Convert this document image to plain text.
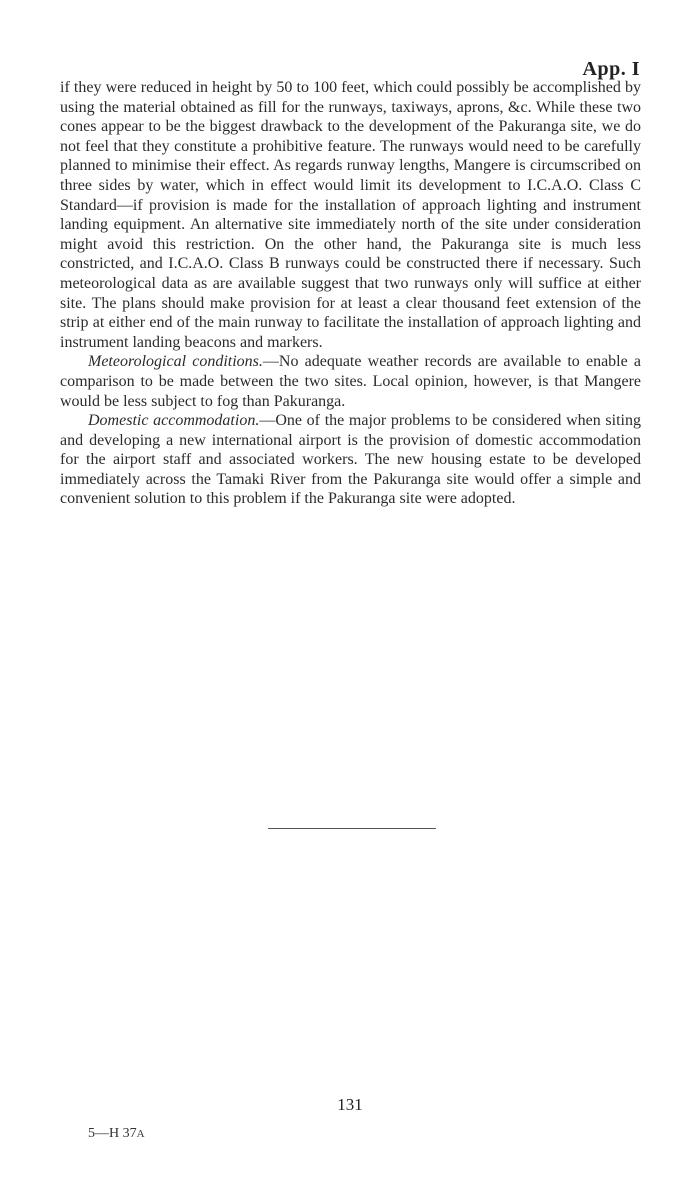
App. I

if they were reduced in height by 50 to 100 feet, which could possibly be accomplished by using the material obtained as fill for the runways, taxiways, aprons, &c. While these two cones appear to be the biggest drawback to the development of the Pakuranga site, we do not feel that they constitute a prohibitive feature. The runways would need to be carefully planned to minimise their effect. As regards runway lengths, Mangere is circumscribed on three sides by water, which in effect would limit its development to I.C.A.O. Class C Standard—if provision is made for the installation of approach lighting and instrument landing equipment. An alternative site immediately north of the site under consideration might avoid this restriction. On the other hand, the Pakuranga site is much less constricted, and I.C.A.O. Class B runways could be constructed there if necessary. Such meteorological data as are available suggest that two runways only will suffice at either site. The plans should make provision for at least a clear thousand feet extension of the strip at either end of the main runway to facilitate the installation of approach lighting and instrument landing beacons and markers.

Meteorological conditions.—No adequate weather records are available to enable a comparison to be made between the two sites. Local opinion, however, is that Mangere would be less subject to fog than Pakuranga.

Domestic accommodation.—One of the major problems to be considered when siting and developing a new international airport is the provision of domestic accommodation for the airport staff and associated workers. The new housing estate to be developed immediately across the Tamaki River from the Pakuranga site would offer a simple and convenient solution to this problem if the Pakuranga site were adopted.

131
5—H 37A
